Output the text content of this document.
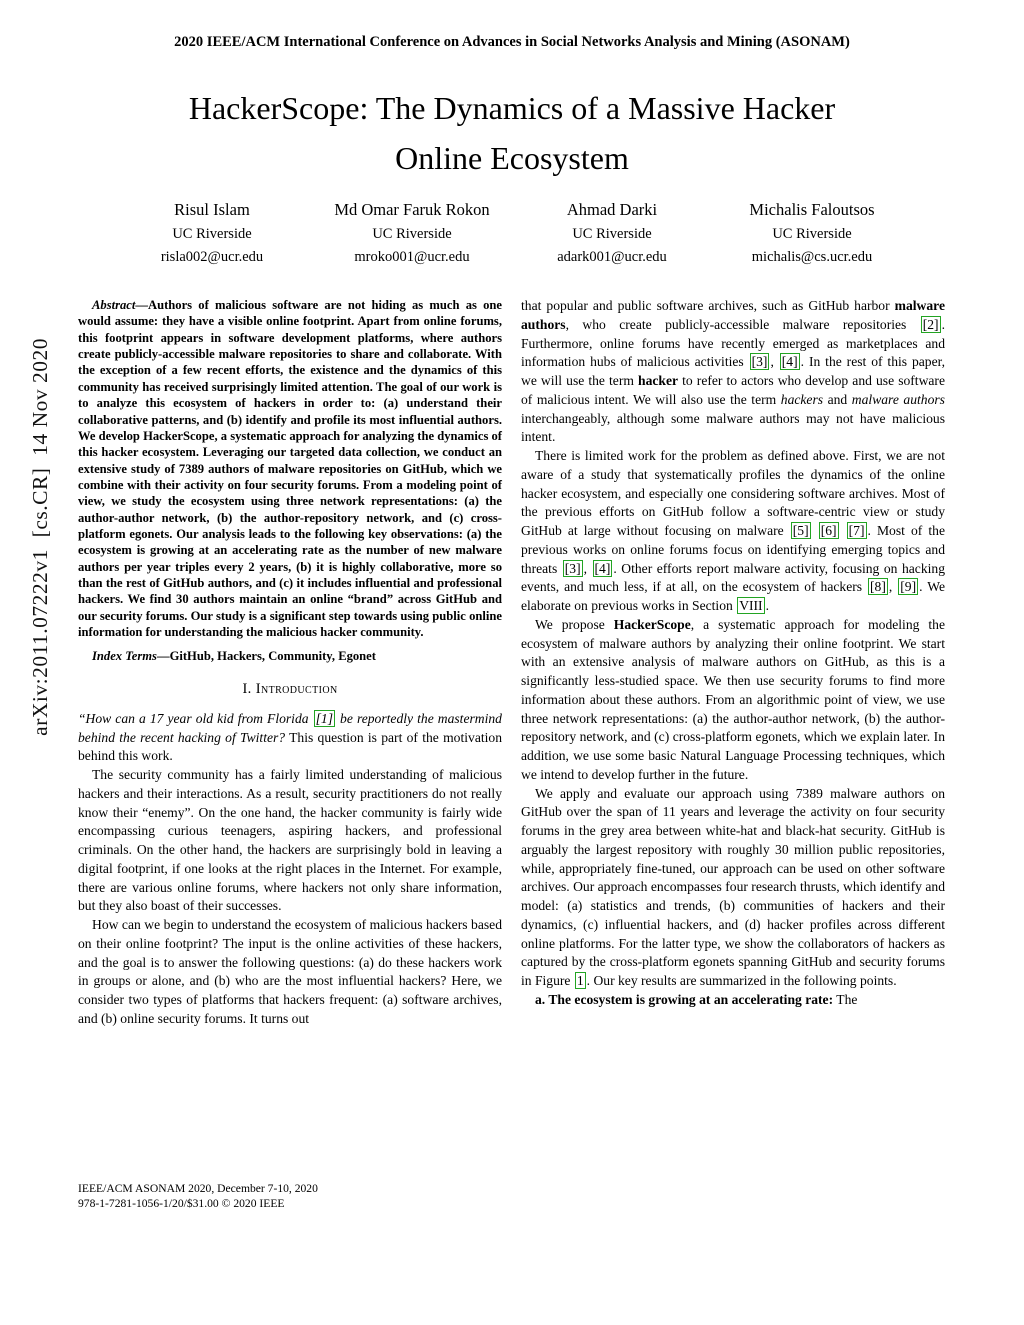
2020 IEEE/ACM International Conference on Advances in Social Networks Analysis and Mining (ASONAM)
arXiv:2011.07222v1  [cs.CR]  14 Nov 2020
HackerScope: The Dynamics of a Massive Hacker
Online Ecosystem
Risul Islam
UC Riverside
risla002@ucr.edu
Md Omar Faruk Rokon
UC Riverside
mroko001@ucr.edu
Ahmad Darki
UC Riverside
adark001@ucr.edu
Michalis Faloutsos
UC Riverside
michalis@cs.ucr.edu

Abstract—Authors of malicious software are not hiding as much as one would assume: they have a visible online footprint. Apart from online forums, this footprint appears in software development platforms, where authors create publicly-accessible malware repositories to share and collaborate. With the exception of a few recent efforts, the existence and the dynamics of this community has received surprisingly limited attention. The goal of our work is to analyze this ecosystem of hackers in order to: (a) understand their collaborative patterns, and (b) identify and profile its most influential authors. We develop HackerScope, a systematic approach for analyzing the dynamics of this hacker ecosystem. Leveraging our targeted data collection, we conduct an extensive study of 7389 authors of malware repositories on GitHub, which we combine with their activity on four security forums. From a modeling point of view, we study the ecosystem using three network representations: (a) the author-author network, (b) the author-repository network, and (c) cross-platform egonets. Our analysis leads to the following key observations: (a) the ecosystem is growing at an accelerating rate as the number of new malware authors per year triples every 2 years, (b) it is highly collaborative, more so than the rest of GitHub authors, and (c) it includes influential and professional hackers. We find 30 authors maintain an online “brand” across GitHub and our security forums. Our study is a significant step towards using public online information for understanding the malicious hacker community.

Index Terms—GitHub, Hackers, Community, Egonet

I. Introduction

“How can a 17 year old kid from Florida [1] be reportedly the mastermind behind the recent hacking of Twitter? This question is part of the motivation behind this work.

The security community has a fairly limited understanding of malicious hackers and their interactions. As a result, security practitioners do not really know their “enemy”. On the one hand, the hacker community is fairly wide encompassing curious teenagers, aspiring hackers, and professional criminals. On the other hand, the hackers are surprisingly bold in leaving a digital footprint, if one looks at the right places in the Internet. For example, there are various online forums, where hackers not only share information, but they also boast of their successes.

How can we begin to understand the ecosystem of malicious hackers based on their online footprint? The input is the online activities of these hackers, and the goal is to answer the following questions: (a) do these hackers work in groups or alone, and (b) who are the most influential hackers? Here, we consider two types of platforms that hackers frequent: (a) software archives, and (b) online security forums. It turns out

that popular and public software archives, such as GitHub harbor malware authors, who create publicly-accessible malware repositories [2] . Furthermore, online forums have recently emerged as marketplaces and information hubs of malicious activities [3] , [4] . In the rest of this paper, we will use the term hacker to refer to actors who develop and use software of malicious intent. We will also use the term hackers and malware authors interchangeably, although some malware authors may not have malicious intent.

There is limited work for the problem as defined above. First, we are not aware of a study that systematically profiles the dynamics of the online hacker ecosystem, and especially one considering software archives. Most of the previous efforts on GitHub follow a software-centric view or study GitHub at large without focusing on malware [5] [6] [7] . Most of the previous works on online forums focus on identifying emerging topics and threats [3] , [4] . Other efforts report malware activity, focusing on hacking events, and much less, if at all, on the ecosystem of hackers [8] , [9] . We elaborate on previous works in Section VIII .

We propose HackerScope, a systematic approach for modeling the ecosystem of malware authors by analyzing their online footprint. We start with an extensive analysis of malware authors on GitHub, as this is a significantly less-studied space. We then use security forums to find more information about these authors. From an algorithmic point of view, we use three network representations: (a) the author-author network, (b) the author-repository network, and (c) cross-platform egonets, which we explain later. In addition, we use some basic Natural Language Processing techniques, which we intend to develop further in the future.

We apply and evaluate our approach using 7389 malware authors on GitHub over the span of 11 years and leverage the activity on four security forums in the grey area between white-hat and black-hat security. GitHub is arguably the largest repository with roughly 30 million public repositories, while, appropriately fine-tuned, our approach can be used on other software archives. Our approach encompasses four research thrusts, which identify and model: (a) statistics and trends, (b) communities of hackers and their dynamics, (c) influential hackers, and (d) hacker profiles across different online platforms. For the latter type, we show the collaborators of hackers as captured by the cross-platform egonets spanning GitHub and security forums in Figure 1 . Our key results are summarized in the following points.

a. The ecosystem is growing at an accelerating rate: The

IEEE/ACM ASONAM 2020, December 7-10, 2020
978-1-7281-1056-1/20/$31.00 © 2020 IEEE
